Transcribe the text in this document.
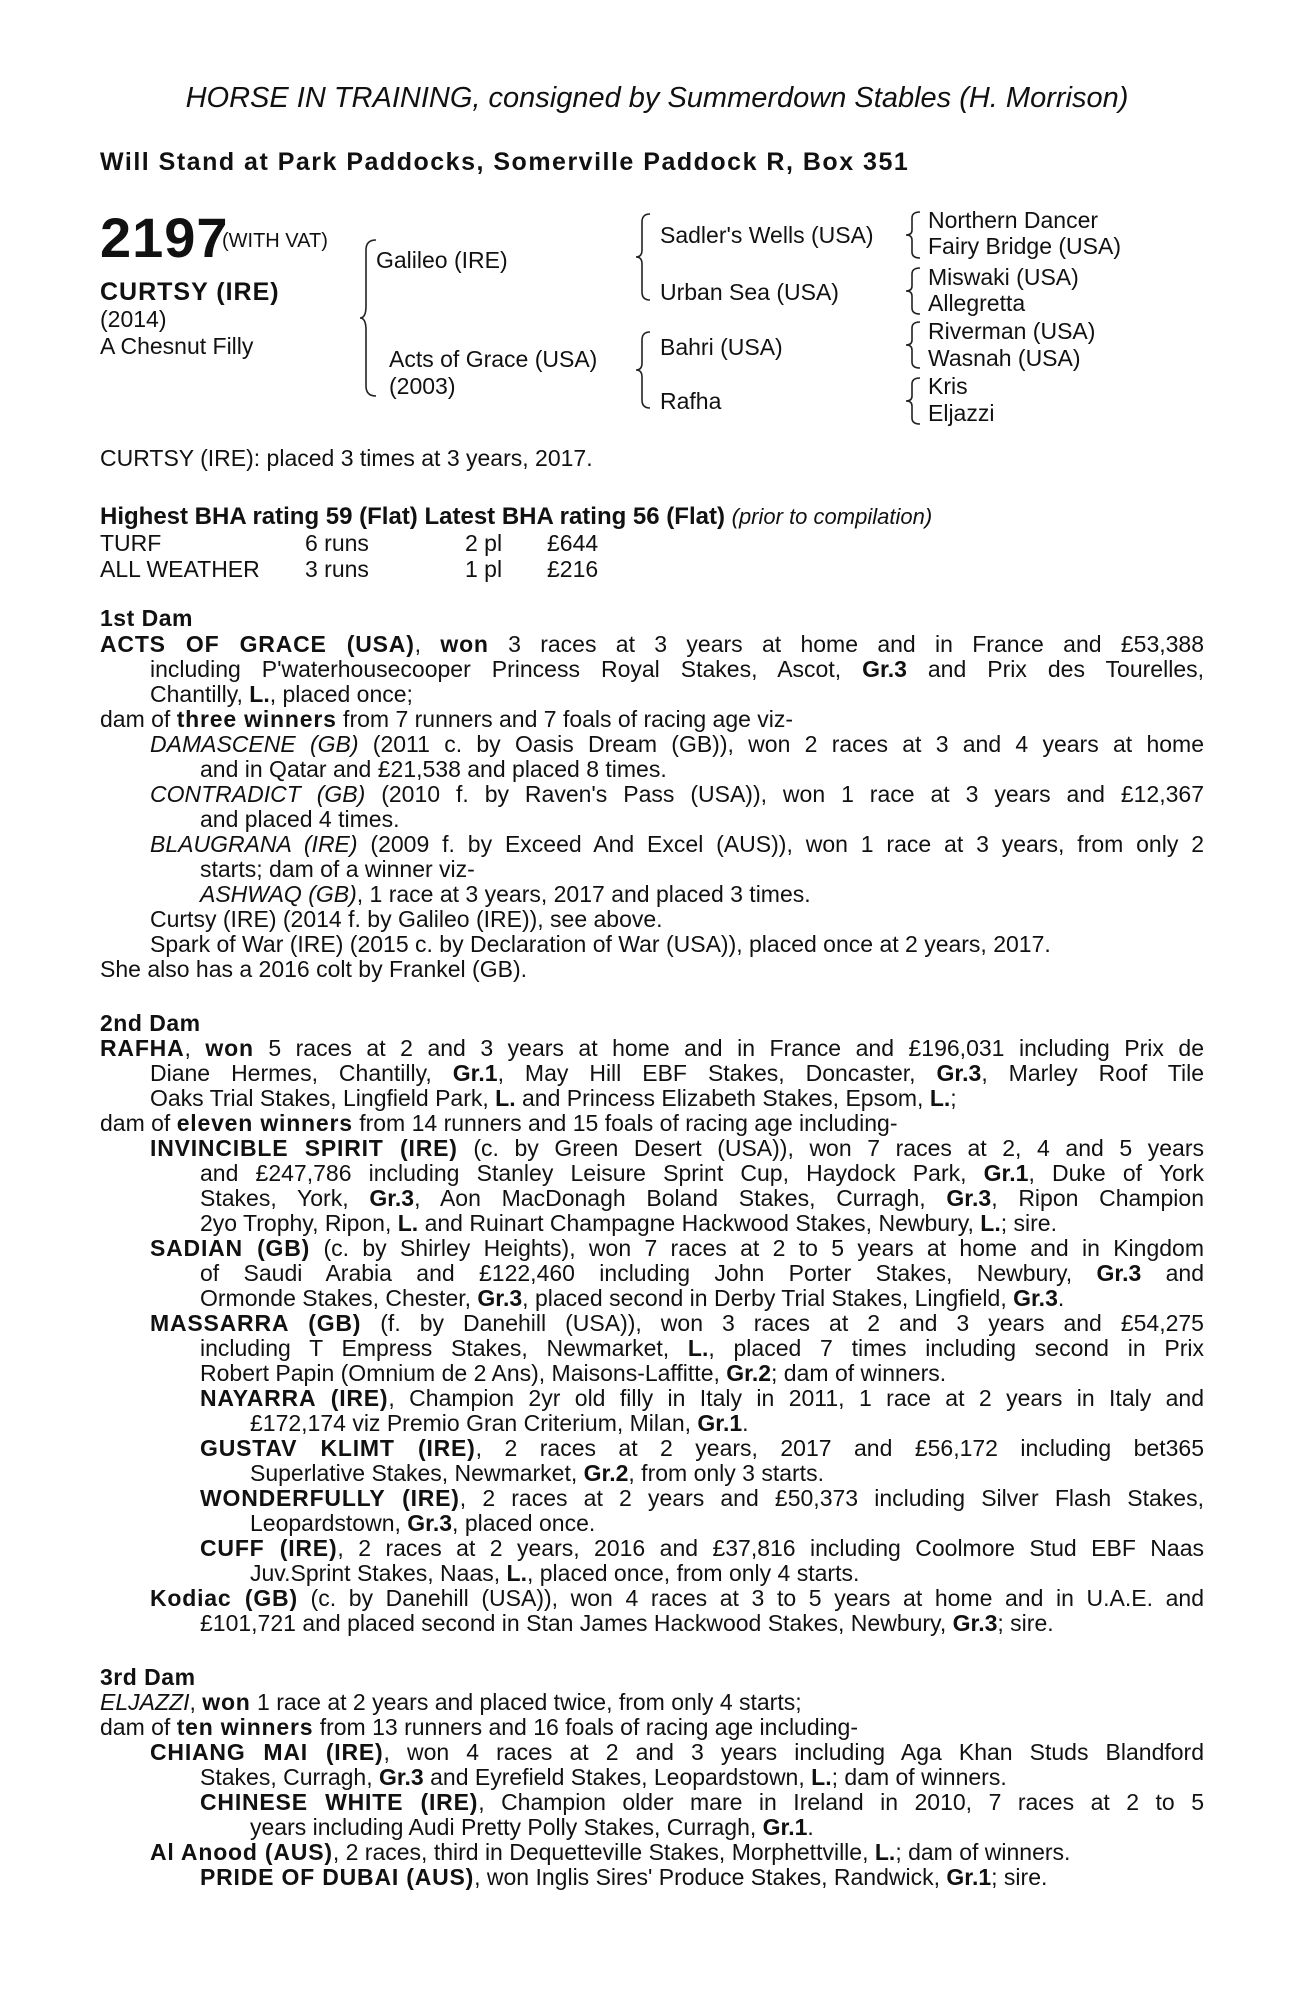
HORSE IN TRAINING, consigned by Summerdown Stables (H. Morrison)
Will Stand at Park Paddocks, Somerville Paddock R, Box 351
2197
(WITH VAT)
CURTSY (IRE)
(2014)
A Chesnut Filly
Galileo (IRE)
Acts of Grace (USA)
(2003)
Sadler's Wells (USA)
Urban Sea (USA)
Bahri (USA)
Rafha
Northern Dancer
Fairy Bridge (USA)
Miswaki (USA)
Allegretta
Riverman (USA)
Wasnah (USA)
Kris
Eljazzi
CURTSY (IRE): placed 3 times at 3 years, 2017.
Highest BHA rating 59 (Flat) Latest BHA rating 56 (Flat) (prior to compilation)
TURF	6 runs	2 pl £644
ALL WEATHER 3 runs	1 pl £216
1st Dam
ACTS OF GRACE (USA), won 3 races at 3 years at home and in France and £53,388
including P'waterhousecooper Princess Royal Stakes, Ascot, Gr.3 and Prix des Tourelles,
Chantilly, L., placed once;
dam of three winners from 7 runners and 7 foals of racing age viz-
DAMASCENE (GB) (2011 c. by Oasis Dream (GB)), won 2 races at 3 and 4 years at home
and in Qatar and £21,538 and placed 8 times.
CONTRADICT (GB) (2010 f. by Raven's Pass (USA)), won 1 race at 3 years and £12,367
and placed 4 times.
BLAUGRANA (IRE) (2009 f. by Exceed And Excel (AUS)), won 1 race at 3 years, from only 2
starts; dam of a winner viz-
ASHWAQ (GB), 1 race at 3 years, 2017 and placed 3 times.
Curtsy (IRE) (2014 f. by Galileo (IRE)), see above.
Spark of War (IRE) (2015 c. by Declaration of War (USA)), placed once at 2 years, 2017.
She also has a 2016 colt by Frankel (GB).
2nd Dam
RAFHA, won 5 races at 2 and 3 years at home and in France and £196,031 including Prix de
Diane Hermes, Chantilly, Gr.1, May Hill EBF Stakes, Doncaster, Gr.3, Marley Roof Tile
Oaks Trial Stakes, Lingfield Park, L. and Princess Elizabeth Stakes, Epsom, L.;
dam of eleven winners from 14 runners and 15 foals of racing age including-
INVINCIBLE SPIRIT (IRE) (c. by Green Desert (USA)), won 7 races at 2, 4 and 5 years
and £247,786 including Stanley Leisure Sprint Cup, Haydock Park, Gr.1, Duke of York
Stakes, York, Gr.3, Aon MacDonagh Boland Stakes, Curragh, Gr.3, Ripon Champion
2yo Trophy, Ripon, L. and Ruinart Champagne Hackwood Stakes, Newbury, L.; sire.
SADIAN (GB) (c. by Shirley Heights), won 7 races at 2 to 5 years at home and in Kingdom
of Saudi Arabia and £122,460 including John Porter Stakes, Newbury, Gr.3 and
Ormonde Stakes, Chester, Gr.3, placed second in Derby Trial Stakes, Lingfield, Gr.3.
MASSARRA (GB) (f. by Danehill (USA)), won 3 races at 2 and 3 years and £54,275
including T Empress Stakes, Newmarket, L., placed 7 times including second in Prix
Robert Papin (Omnium de 2 Ans), Maisons-Laffitte, Gr.2; dam of winners.
NAYARRA (IRE), Champion 2yr old filly in Italy in 2011, 1 race at 2 years in Italy and
£172,174 viz Premio Gran Criterium, Milan, Gr.1.
GUSTAV KLIMT (IRE), 2 races at 2 years, 2017 and £56,172 including bet365
Superlative Stakes, Newmarket, Gr.2, from only 3 starts.
WONDERFULLY (IRE), 2 races at 2 years and £50,373 including Silver Flash Stakes,
Leopardstown, Gr.3, placed once.
CUFF (IRE), 2 races at 2 years, 2016 and £37,816 including Coolmore Stud EBF Naas
Juv.Sprint Stakes, Naas, L., placed once, from only 4 starts.
Kodiac (GB) (c. by Danehill (USA)), won 4 races at 3 to 5 years at home and in U.A.E. and
£101,721 and placed second in Stan James Hackwood Stakes, Newbury, Gr.3; sire.
3rd Dam
ELJAZZI, won 1 race at 2 years and placed twice, from only 4 starts;
dam of ten winners from 13 runners and 16 foals of racing age including-
CHIANG MAI (IRE), won 4 races at 2 and 3 years including Aga Khan Studs Blandford
Stakes, Curragh, Gr.3 and Eyrefield Stakes, Leopardstown, L.; dam of winners.
CHINESE WHITE (IRE), Champion older mare in Ireland in 2010, 7 races at 2 to 5
years including Audi Pretty Polly Stakes, Curragh, Gr.1.
Al Anood (AUS), 2 races, third in Dequetteville Stakes, Morphettville, L.; dam of winners.
PRIDE OF DUBAI (AUS), won Inglis Sires' Produce Stakes, Randwick, Gr.1; sire.
